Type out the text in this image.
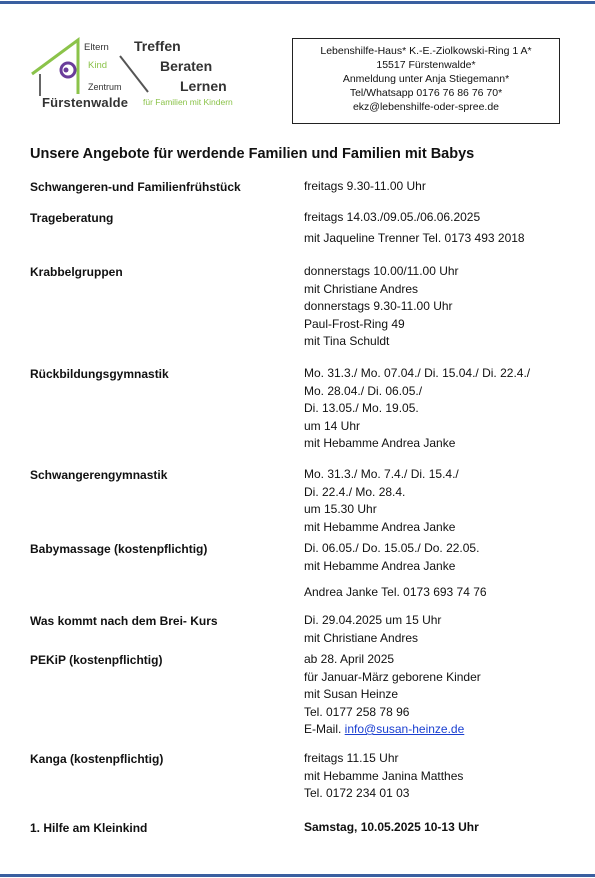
Eltern
Kind
Zentrum
Fürstenwalde
Treffen
Beraten
Lernen
für Familien mit Kindern
Lebenshilfe-Haus* K.-E.-Ziolkowski-Ring 1 A*
15517 Fürstenwalde*
Anmeldung unter Anja Stiegemann*
Tel/Whatsapp 0176 76 86 76 70*
ekz@lebenshilfe-oder-spree.de
Unsere Angebote für werdende Familien und Familien mit Babys
Schwangeren-und Familienfrühstück	freitags 9.30-11.00 Uhr
Trageberatung	freitags 14.03./09.05./06.06.2025
mit Jaqueline Trenner Tel. 0173 493 2018
Krabbelgruppen	donnerstags 10.00/11.00 Uhr
mit Christiane Andres
donnerstags 9.30-11.00 Uhr
Paul-Frost-Ring 49
mit Tina Schuldt
Rückbildungsgymnastik	Mo. 31.3./ Mo. 07.04./ Di. 15.04./ Di. 22.4./
Mo. 28.04./ Di. 06.05./
Di. 13.05./ Mo. 19.05.
um 14 Uhr
mit Hebamme Andrea Janke
Schwangerengymnastik	Mo. 31.3./ Mo. 7.4./ Di. 15.4./
Di. 22.4./ Mo. 28.4.
um 15.30 Uhr
mit Hebamme Andrea Janke
Babymassage (kostenpflichtig)	Di. 06.05./ Do. 15.05./ Do. 22.05.
mit Hebamme Andrea Janke
Andrea Janke Tel. 0173 693 74 76
Was kommt nach dem Brei- Kurs	Di. 29.04.2025 um 15 Uhr
mit Christiane Andres
PEKiP (kostenpflichtig)	ab 28. April 2025
für Januar-März geborene Kinder
mit Susan Heinze
Tel. 0177 258 78 96
E-Mail. info@susan-heinze.de
Kanga (kostenpflichtig)	freitags 11.15 Uhr
mit Hebamme Janina Matthes
Tel. 0172 234 01 03
1. Hilfe am Kleinkind	Samstag, 10.05.2025 10-13 Uhr
